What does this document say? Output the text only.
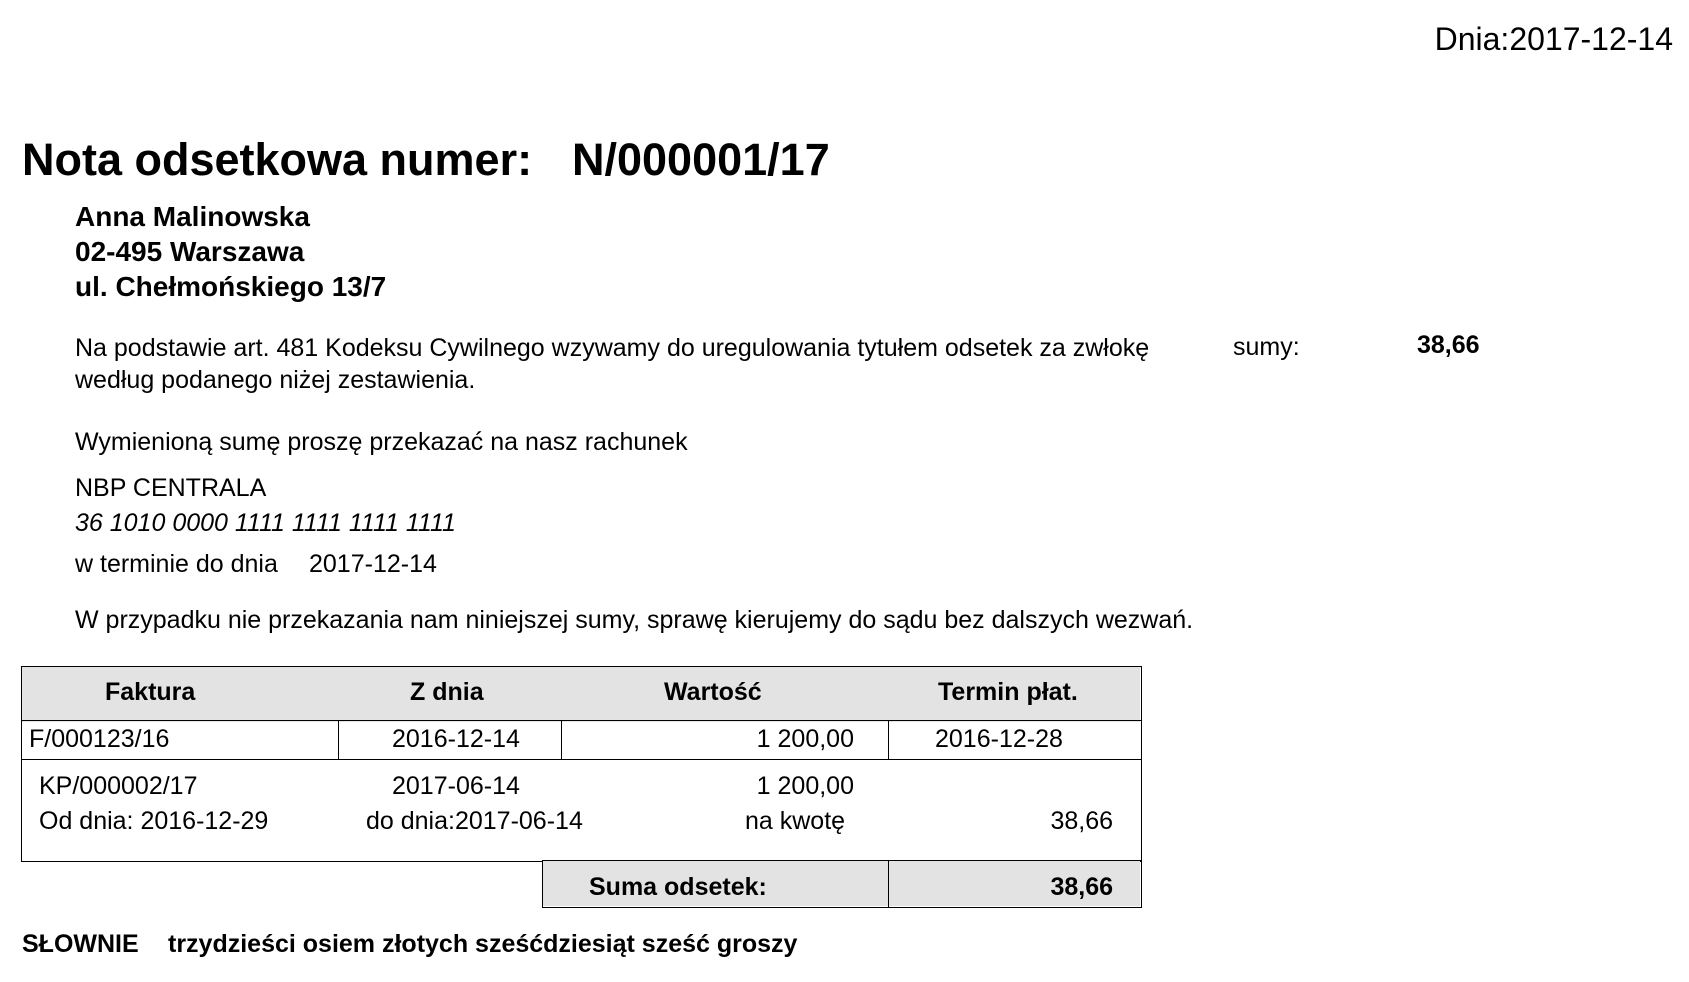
Dnia:2017-12-14
Nota odsetkowa numer: N/000001/17
Anna Malinowska
02-495 Warszawa
ul. Chełmońskiego 13/7
Na podstawie art. 481 Kodeksu Cywilnego wzywamy do uregulowania tytułem odsetek za zwłokę
według podanego niżej zestawienia.
sumy:	38,66
Wymienioną sumę proszę przekazać na nasz rachunek
NBP CENTRALA
36 1010 0000 1111 1111 1111 1111
w terminie do dnia 2017-12-14
W przypadku nie przekazania nam niniejszej sumy, sprawę kierujemy do sądu bez dalszych wezwań.
Faktura	Z dnia	Wartość	Termin płat.
F/000123/16	2016-12-14	1 200,00	2016-12-28
KP/000002/17	2017-06-14	1 200,00
Od dnia: 2016-12-29	do dnia:2017-06-14	na kwotę	38,66
Suma odsetek:	38,66
SŁOWNIE trzydzieści osiem złotych sześćdziesiąt sześć groszy
